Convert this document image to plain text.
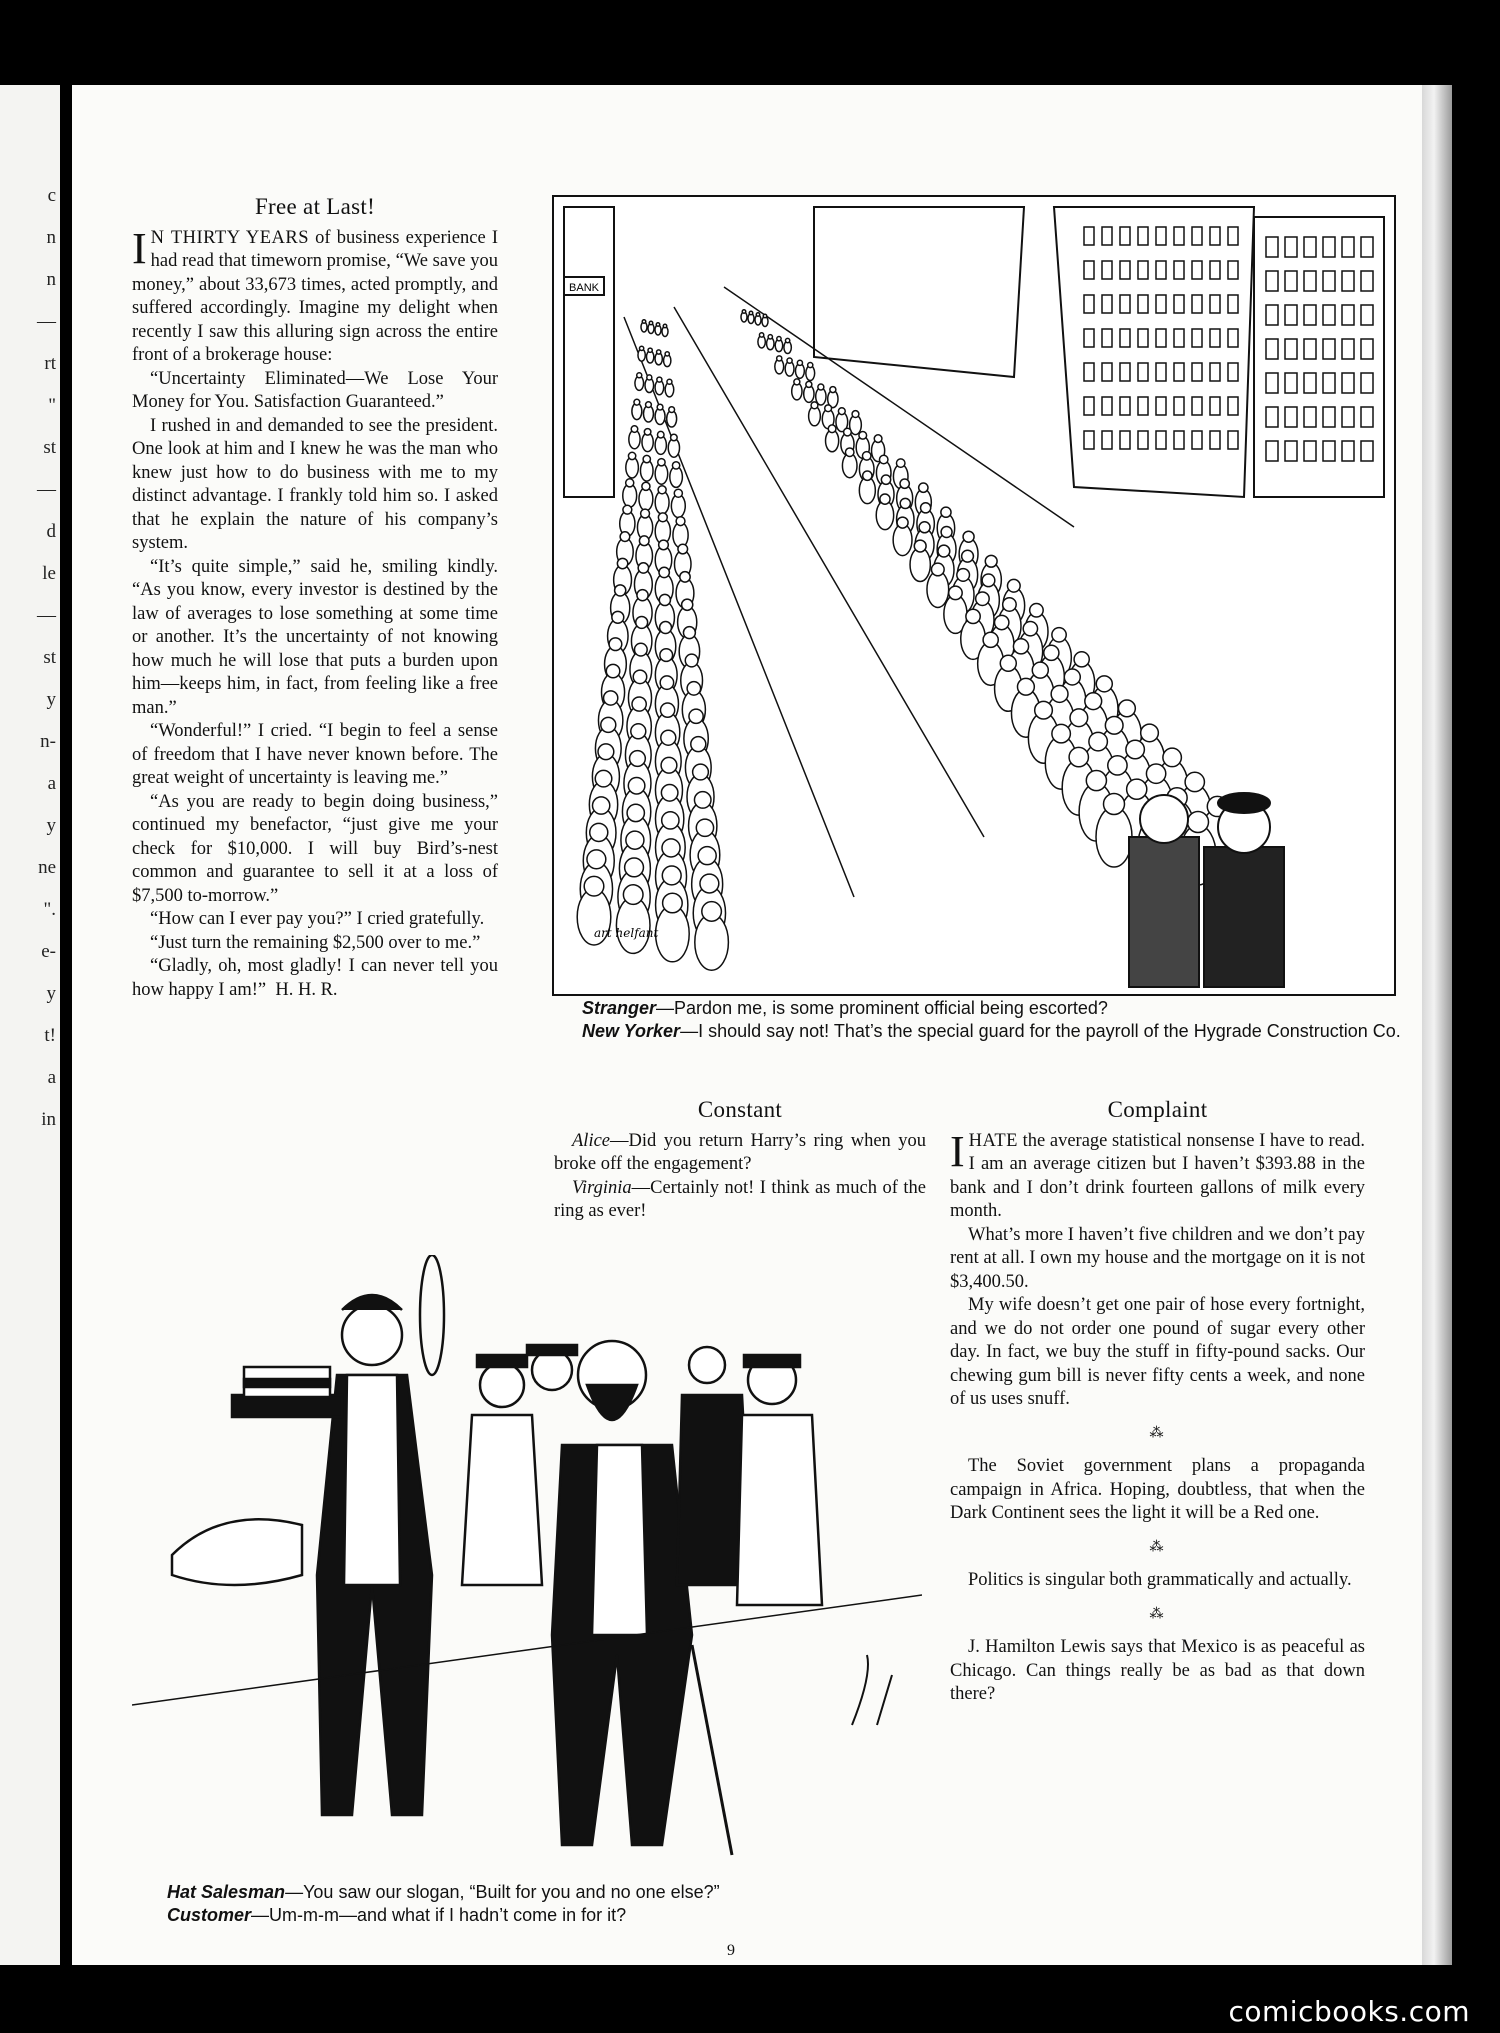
c
n
n
—
rt
"
st
—
d
le
—
st
y
n-
a
y
ne
".
e-
y
t!
a
in
Free at Last!

I N THIRTY YEARS of business experience I had read that timeworn promise, “We save you money,” about 33,673 times, acted promptly, and suffered accordingly. Imagine my delight when recently I saw this alluring sign across the entire front of a brokerage house:

“Uncertainty Eliminated—We Lose Your Money for You. Satisfaction Guaranteed.”

I rushed in and demanded to see the president. One look at him and I knew he was the man who knew just how to do business with me to my distinct advantage. I frankly told him so. I asked that he explain the nature of his company’s system.

“It’s quite simple,” said he, smiling kindly. “As you know, every investor is destined by the law of averages to lose something at some time or another. It’s the uncertainty of not knowing how much he will lose that puts a burden upon him—keeps him, in fact, from feeling like a free man.”

“Wonderful!” I cried. “I begin to feel a sense of freedom that I have never known before. The great weight of uncertainty is leaving me.”

“As you are ready to begin doing business,” continued my benefactor, “just give me your check for $10,000. I will buy Bird’s-nest common and guarantee to sell it at a loss of $7,500 to-morrow.”

“How can I ever pay you?” I cried gratefully.

“Just turn the remaining $2,500 over to me.”

“Gladly, oh, most gladly! I can never tell you how happy I am!” H. H. R.

BANK
art helfant
Stranger—Pardon me, is some prominent official being escorted?
New Yorker—I should say not! That’s the special guard for the payroll of the Hygrade Construction Co.
Constant

Alice—Did you return Harry’s ring when you broke off the engagement?

Virginia—Certainly not! I think as much of the ring as ever!

Complaint

IHATE the average statistical nonsense I have to read. I am an average citizen but I haven’t $393.88 in the bank and I don’t drink fourteen gallons of milk every month.

What’s more I haven’t five children and we don’t pay rent at all. I own my house and the mortgage on it is not $3,400.50.

My wife doesn’t get one pair of hose every fortnight, and we do not order one pound of sugar every other day. In fact, we buy the stuff in fifty-pound sacks. Our chewing gum bill is never fifty cents a week, and none of us uses snuff.

⁂

The Soviet government plans a propaganda campaign in Africa. Hoping, doubtless, that when the Dark Continent sees the light it will be a Red one.

⁂

Politics is singular both grammatically and actually.

⁂

J. Hamilton Lewis says that Mexico is as peaceful as Chicago. Can things really be as bad as that down there?

Hat Salesman—You saw our slogan, “Built for you and no one else?”
Customer—Um-m-m—and what if I hadn’t come in for it?
9
comicbooks.com
